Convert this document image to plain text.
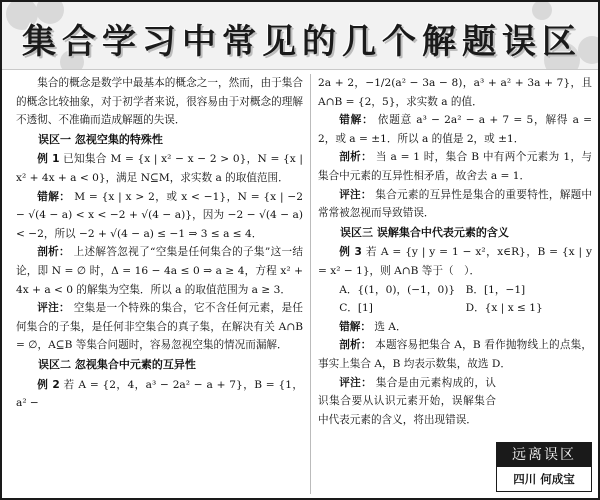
集合学习中常见的几个解题误区

集合的概念是数学中最基本的概念之一，然而，由于集合的概念比较抽象，对于初学者来说，很容易由于对概念的理解不透彻、不准确而造成解题的失误．

误区一 忽视空集的特殊性

例 1 已知集合 M = {x | x² − x − 2 > 0}，N = {x | x² + 4x + a < 0}，满足 N⊆M，求实数 a 的取值范围．

错解： M = {x | x > 2，或 x < −1}，N = {x | −2 − √(4 − a) < x < −2 + √(4 − a)}，因为 −2 − √(4 − a) < −2，所以 −2 + √(4 − a) ≤ −1 ⇒ 3 ≤ a ≤ 4．

剖析： 上述解答忽视了“空集是任何集合的子集”这一结论，即 N = ∅ 时，Δ = 16 − 4a ≤ 0 ⇒ a ≥ 4，方程 x² + 4x + a < 0 的解集为空集．所以 a 的取值范围为 a ≥ 3．

评注： 空集是一个特殊的集合，它不含任何元素，是任何集合的子集，是任何非空集合的真子集，在解决有关 A∩B = ∅，A⊆B 等集合问题时，容易忽视空集的情况而漏解．

误区二 忽视集合中元素的互异性

例 2 若 A = {2，4，a³ − 2a² − a + 7}，B = {1，a² −

2a + 2，−1/2(a² − 3a − 8)，a³ + a² + 3a + 7}，且 A∩B = {2，5}，求实数 a 的值．

错解： 依题意 a³ − 2a² − a + 7 = 5，解得 a = 2，或 a = ±1．所以 a 的值是 2，或 ±1．

剖析： 当 a = 1 时，集合 B 中有两个元素为 1，与集合中元素的互异性相矛盾，故舍去 a = 1．

评注： 集合元素的互异性是集合的重要特性，解题中常常被忽视而导致错误．

误区三 误解集合中代表元素的含义

例 3 若 A = {y | y = 1 − x²，x∈R}，B = {x | y = x² − 1}，则 A∩B 等于（　）．

A．{(1，0)，(−1，0)} B．[1，−1]
C．[1]	D．{x | x ≤ 1}

错解： 选 A．

剖析： 本题容易把集合 A，B 看作抛物线上的点集，事实上集合 A，B 均表示数集，故选 D．

评注： 集合是由元素构成的，认识集合要从认识元素开始，误解集合中代表元素的含义，将出现错误．

远离误区
四川 何成宝
